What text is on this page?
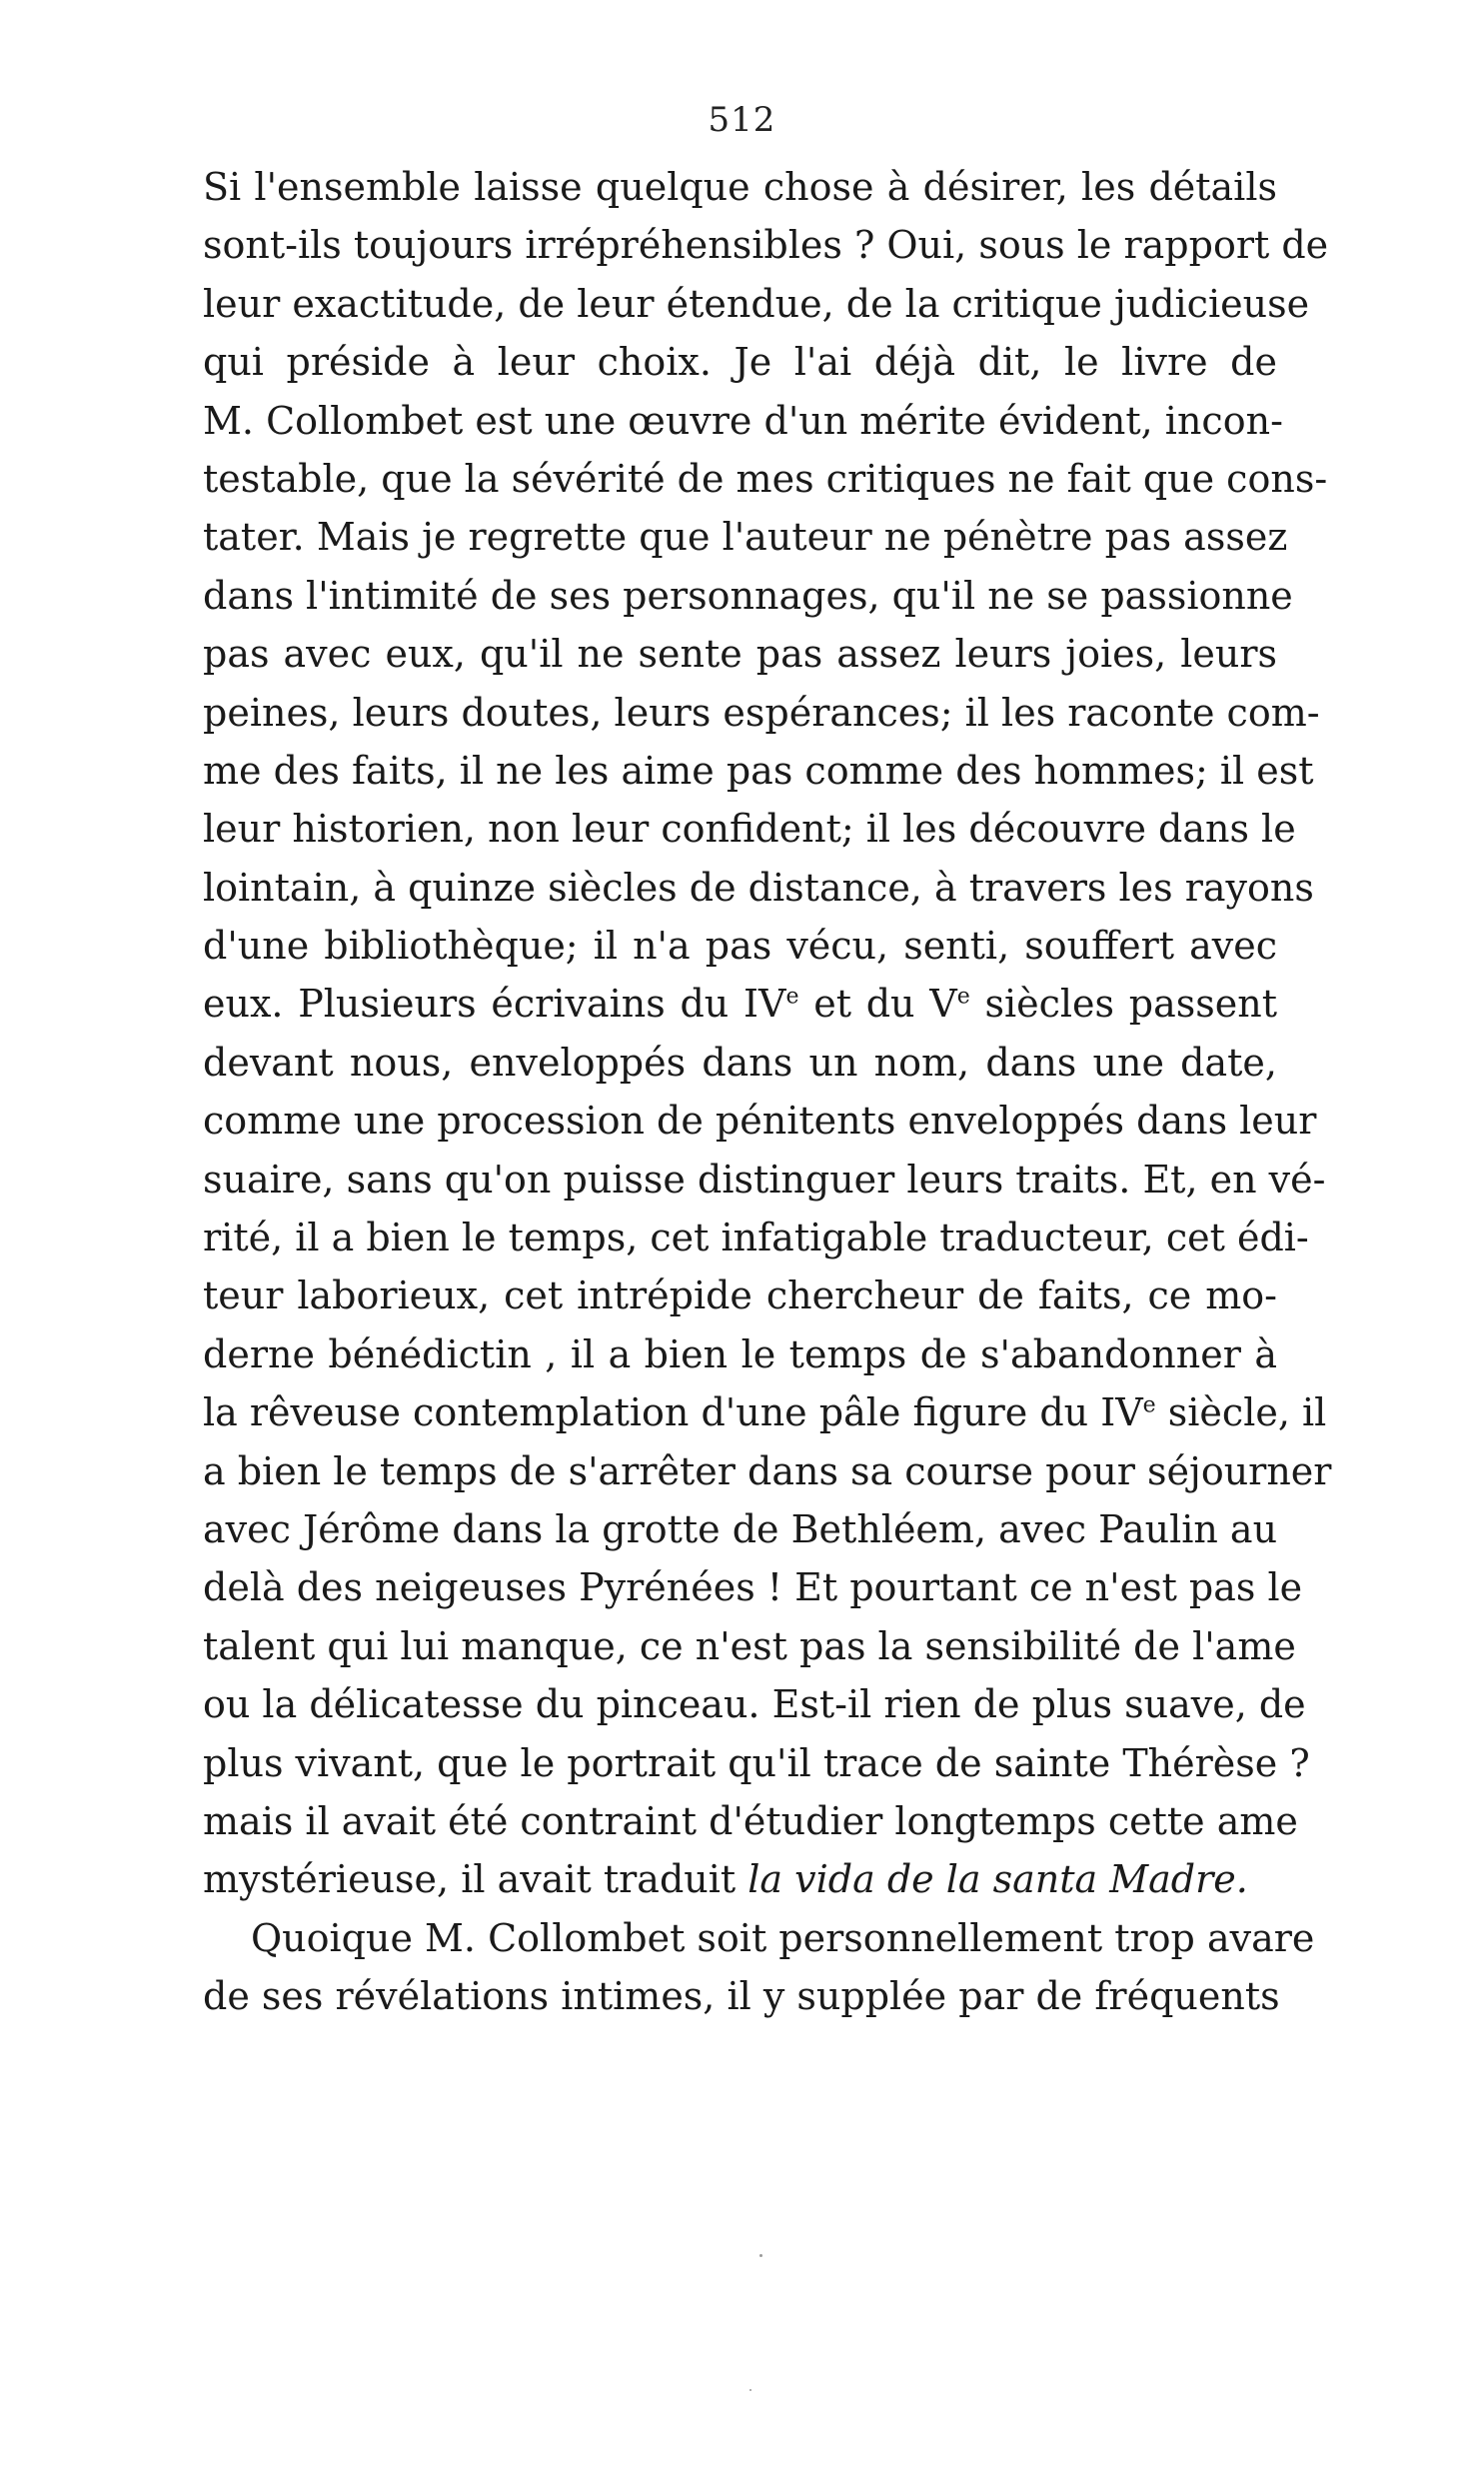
512
Si l'ensemble laisse quelque chose à désirer, les détails
sont-ils toujours irrépréhensibles ? Oui, sous le rapport de
leur exactitude, de leur étendue, de la critique judicieuse
qui préside à leur choix. Je l'ai déjà dit, le livre de
M. Collombet est une œuvre d'un mérite évident, incon-
testable, que la sévérité de mes critiques ne fait que cons-
tater. Mais je regrette que l'auteur ne pénètre pas assez
dans l'intimité de ses personnages, qu'il ne se passionne
pas avec eux, qu'il ne sente pas assez leurs joies, leurs
peines, leurs doutes, leurs espérances; il les raconte com-
me des faits, il ne les aime pas comme des hommes; il est
leur historien, non leur confident; il les découvre dans le
lointain, à quinze siècles de distance, à travers les rayons
d'une bibliothèque; il n'a pas vécu, senti, souffert avec
eux. Plusieurs écrivains du IVe et du Ve siècles passent
devant nous, enveloppés dans un nom, dans une date,
comme une procession de pénitents enveloppés dans leur
suaire, sans qu'on puisse distinguer leurs traits. Et, en vé-
rité, il a bien le temps, cet infatigable traducteur, cet édi-
teur laborieux, cet intrépide chercheur de faits, ce mo-
derne bénédictin , il a bien le temps de s'abandonner à
la rêveuse contemplation d'une pâle figure du IVe siècle, il
a bien le temps de s'arrêter dans sa course pour séjourner
avec Jérôme dans la grotte de Bethléem, avec Paulin au
delà des neigeuses Pyrénées ! Et pourtant ce n'est pas le
talent qui lui manque, ce n'est pas la sensibilité de l'ame
ou la délicatesse du pinceau. Est-il rien de plus suave, de
plus vivant, que le portrait qu'il trace de sainte Thérèse ?
mais il avait été contraint d'étudier longtemps cette ame
mystérieuse, il avait traduit la vida de la santa Madre.
Quoique M. Collombet soit personnellement trop avare
de ses révélations intimes, il y supplée par de fréquents
